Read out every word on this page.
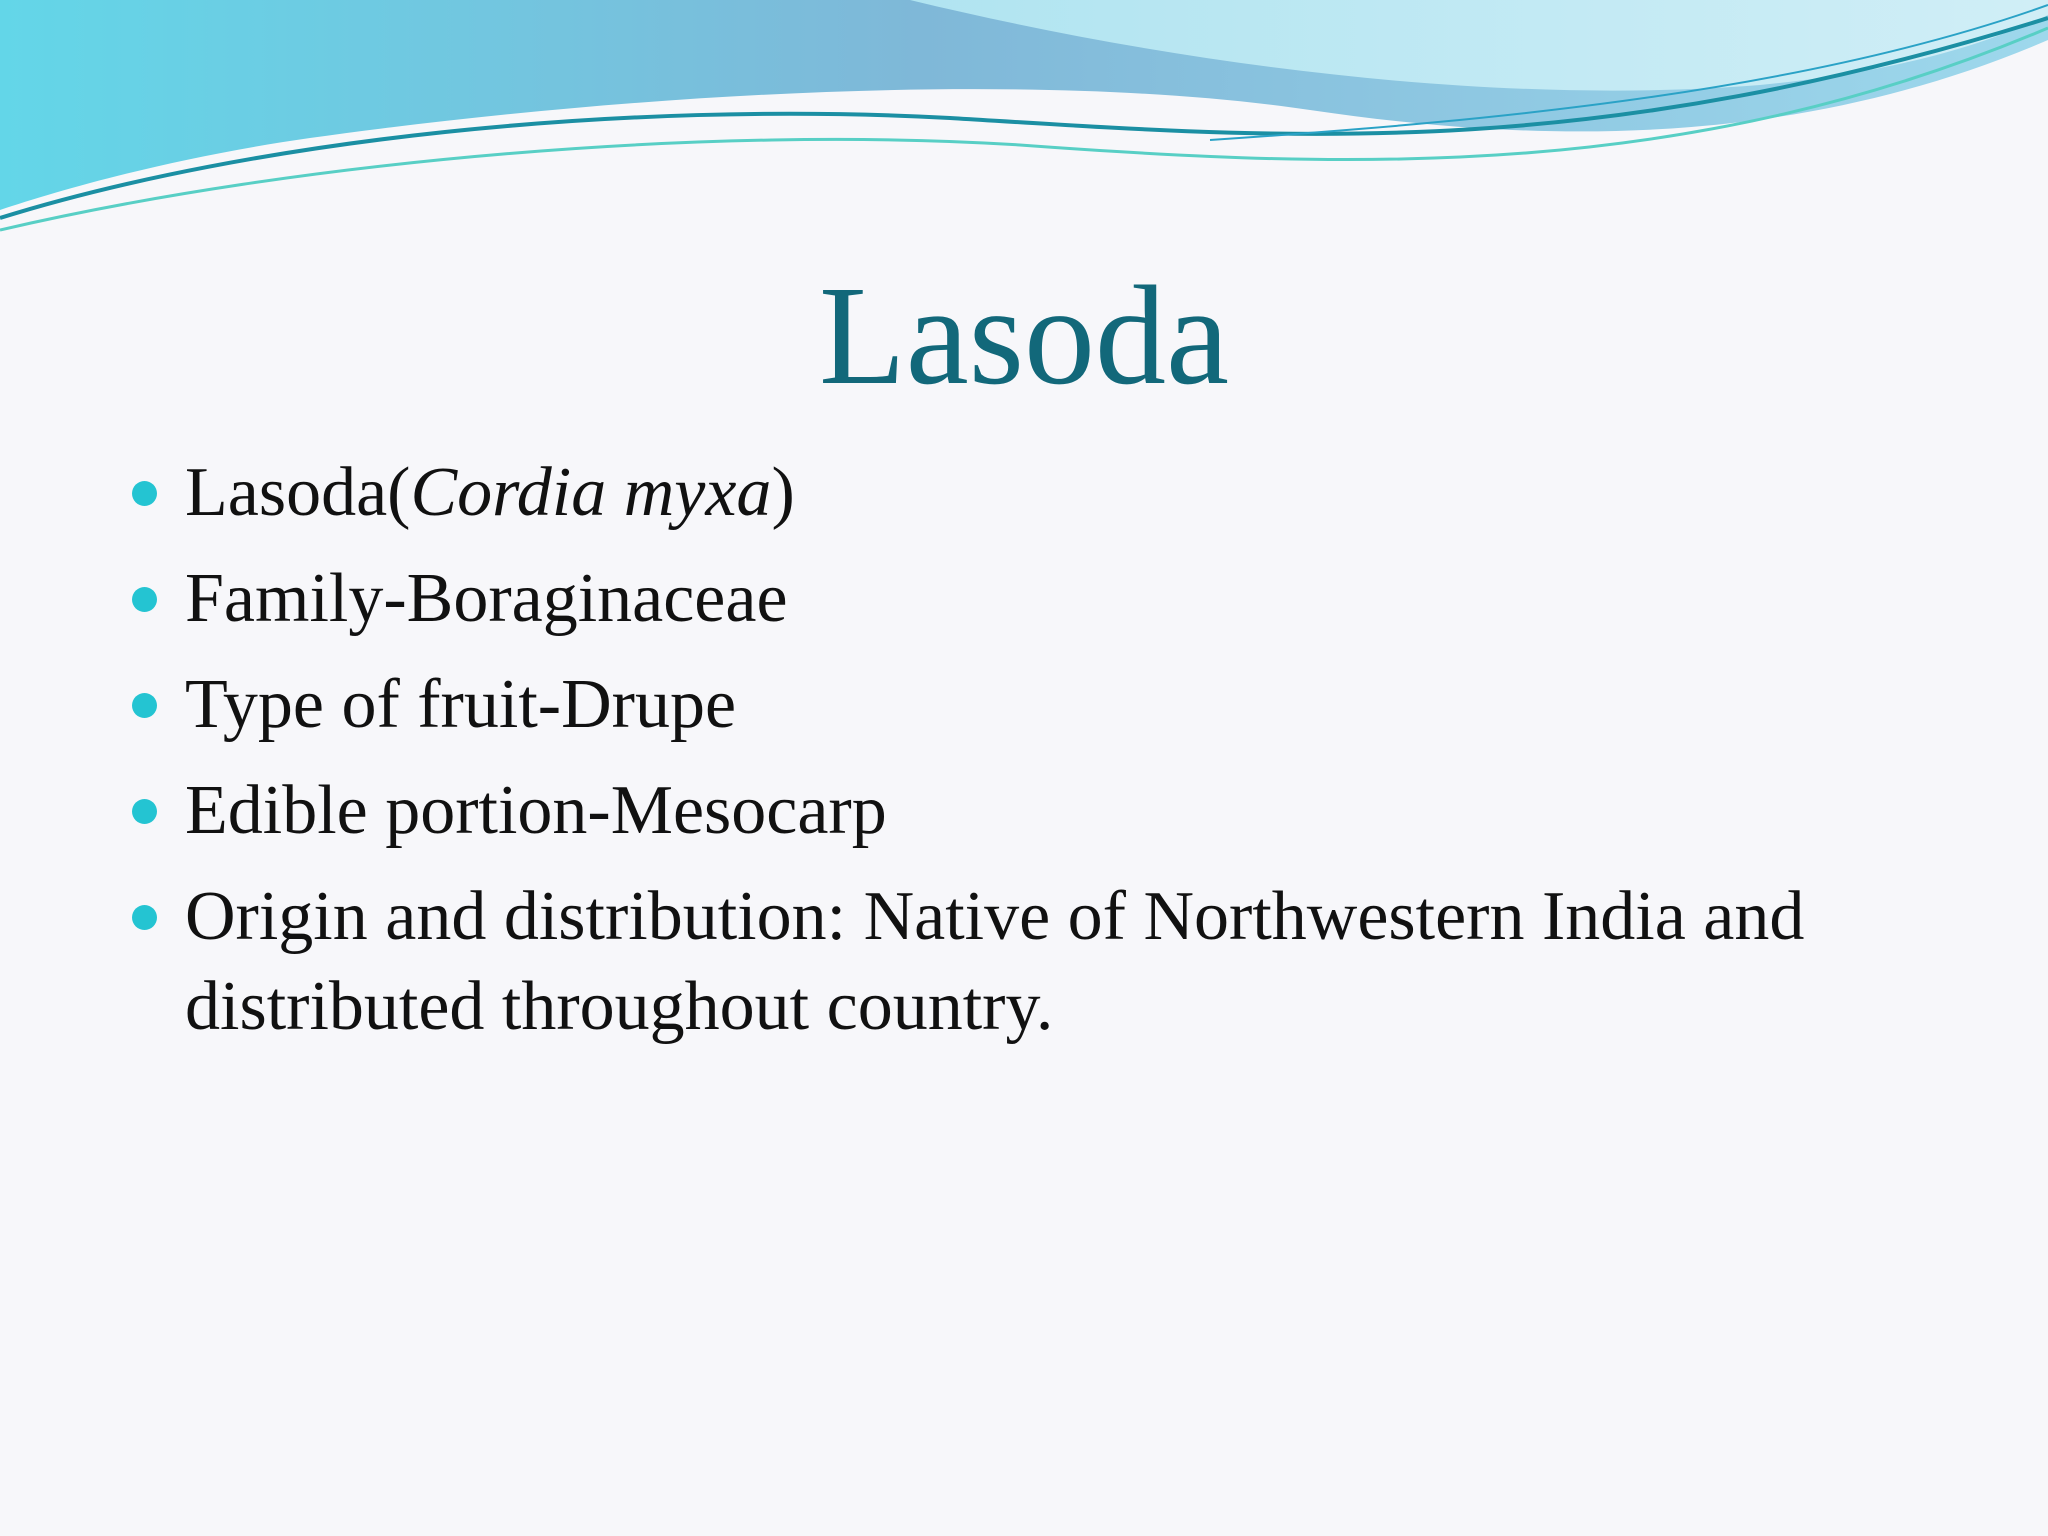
Lasoda
Lasoda(Cordia myxa)
Family-Boraginaceae
Type of fruit-Drupe
Edible portion-Mesocarp
Origin and distribution: Native of Northwestern India and distributed throughout country.
